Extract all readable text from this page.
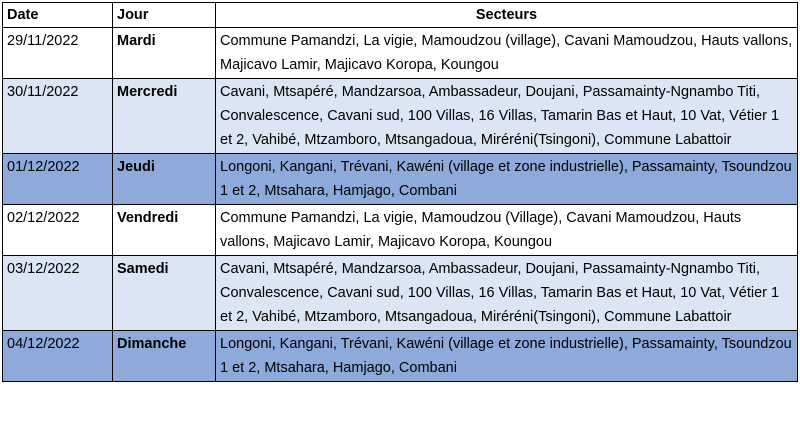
Date	Jour	Secteurs
29/11/2022	Mardi	Commune Pamandzi, La vigie, Mamoudzou (village), Cavani Mamoudzou, Hauts vallons, Majicavo Lamir, Majicavo Koropa, Koungou
30/11/2022	Mercredi	Cavani, Mtsapéré, Mandzarsoa, Ambassadeur, Doujani, Passamainty-Ngnambo Titi, Convalescence, Cavani sud, 100 Villas, 16 Villas, Tamarin Bas et Haut, 10 Vat, Vétier 1 et 2, Vahibé, Mtzamboro, Mtsangadoua, Miréréni(Tsingoni), Commune Labattoir
01/12/2022	Jeudi	Longoni, Kangani, Trévani, Kawéni (village et zone industrielle), Passamainty, Tsoundzou 1 et 2, Mtsahara, Hamjago, Combani
02/12/2022	Vendredi	Commune Pamandzi, La vigie, Mamoudzou (Village), Cavani Mamoudzou, Hauts vallons, Majicavo Lamir, Majicavo Koropa, Koungou
03/12/2022	Samedi	Cavani, Mtsapéré, Mandzarsoa, Ambassadeur, Doujani, Passamainty-Ngnambo Titi, Convalescence, Cavani sud, 100 Villas, 16 Villas, Tamarin Bas et Haut, 10 Vat, Vétier 1 et 2, Vahibé, Mtzamboro, Mtsangadoua, Miréréni(Tsingoni), Commune Labattoir
04/12/2022	Dimanche	Longoni, Kangani, Trévani, Kawéni (village et zone industrielle), Passamainty, Tsoundzou 1 et 2, Mtsahara, Hamjago, Combani
